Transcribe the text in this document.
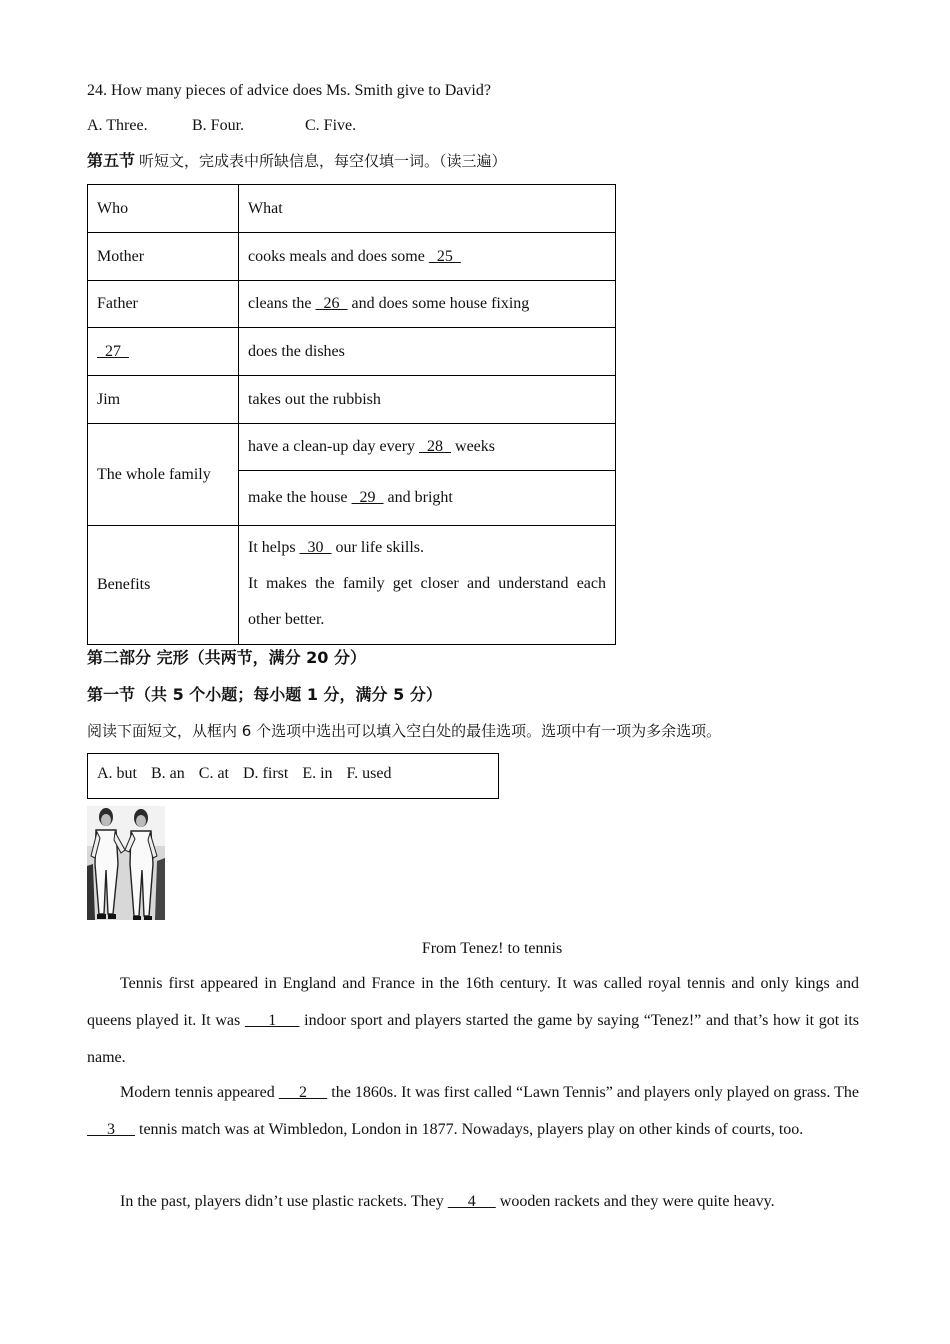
24. How many pieces of advice does Ms. Smith give to David?
A. Three.	B. Four.	C. Five.
第五节 听短文，完成表中所缺信息，每空仅填一词。（读三遍）
Who	What
Mother	cooks meals and does some   25
Father	cleans the   26   and does some house fixing
27	does the dishes
Jim	takes out the rubbish
The whole family	have a clean-up day every   28   weeks
	make the house   29   and bright
Benefits	It helps   30   our life skills.
It makes the family get closer and understand each other better.
第二部分 完形（共两节，满分 20 分）
第一节（共 5 个小题；每小题 1 分，满分 5 分）
阅读下面短文，从框内 6 个选项中选出可以填入空白处的最佳选项。选项中有一项为多余选项。
A. but B. an C. at D. first E. in F. used
From Tenez! to tennis
Tennis first appeared in England and France in the 16th century. It was called royal tennis and only kings and queens played it. It was      1      indoor sport and players started the game by saying “Tenez!” and that’s how it got its name.
Modern tennis appeared      2      the 1860s. It was first called “Lawn Tennis” and players only played on grass. The      3      tennis match was at Wimbledon, London in 1877. Nowadays, players play on other kinds of courts, too.
In the past, players didn’t use plastic rackets. They      4      wooden rackets and they were quite heavy.
